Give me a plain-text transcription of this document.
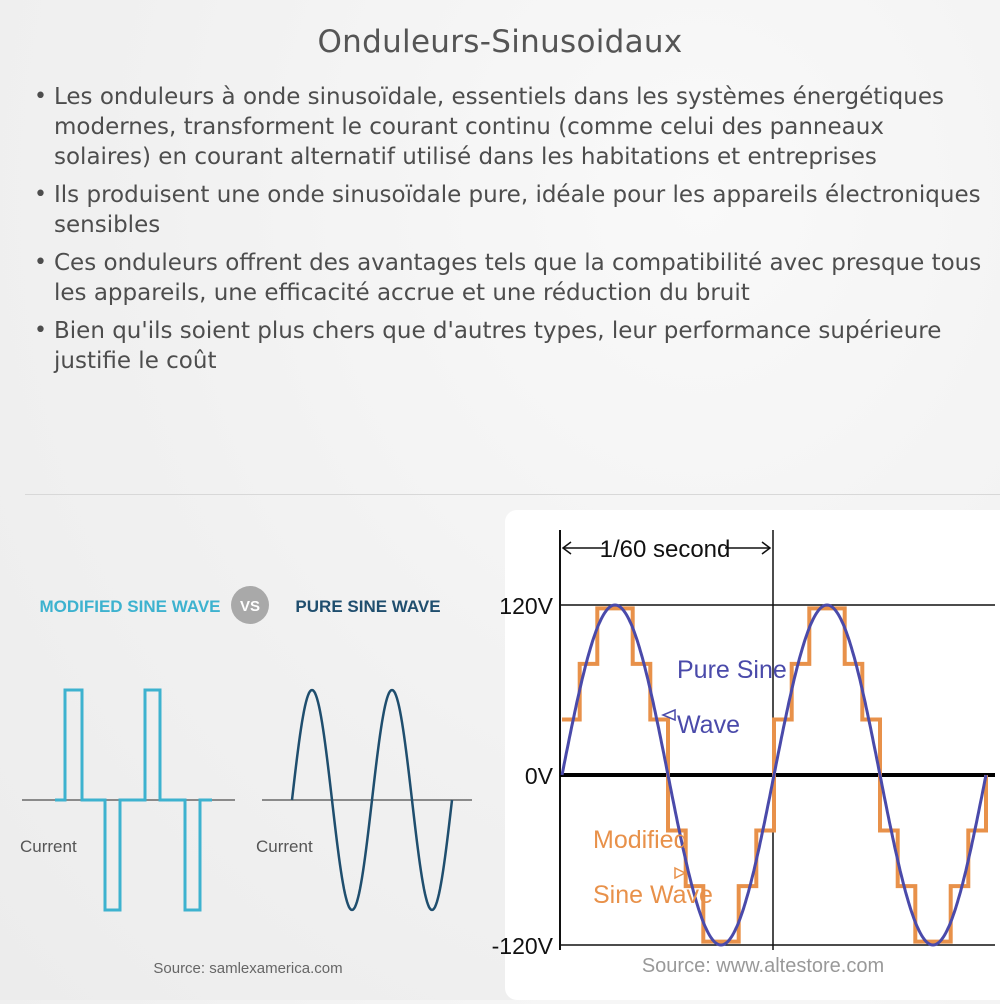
Onduleurs-Sinusoidaux
• Les onduleurs à onde sinusoïdale, essentiels dans les systèmes énergétiques modernes, transforment le courant continu (comme celui des panneaux solaires) en courant alternatif utilisé dans les habitations et entreprises
• Ils produisent une onde sinusoïdale pure, idéale pour les appareils électroniques sensibles
• Ces onduleurs offrent des avantages tels que la compatibilité avec presque tous les appareils, une efficacité accrue et une réduction du bruit
• Bien qu'ils soient plus chers que d'autres types, leur performance supérieure justifie le coût
MODIFIED SINE WAVE VS PURE SINE WAVE
Current	Current
Source: samlexamerica.com
1/60 second
120V
0V
-120V
Pure Sine
Wave
Modified
Sine Wave
Source: www.altestore.com
